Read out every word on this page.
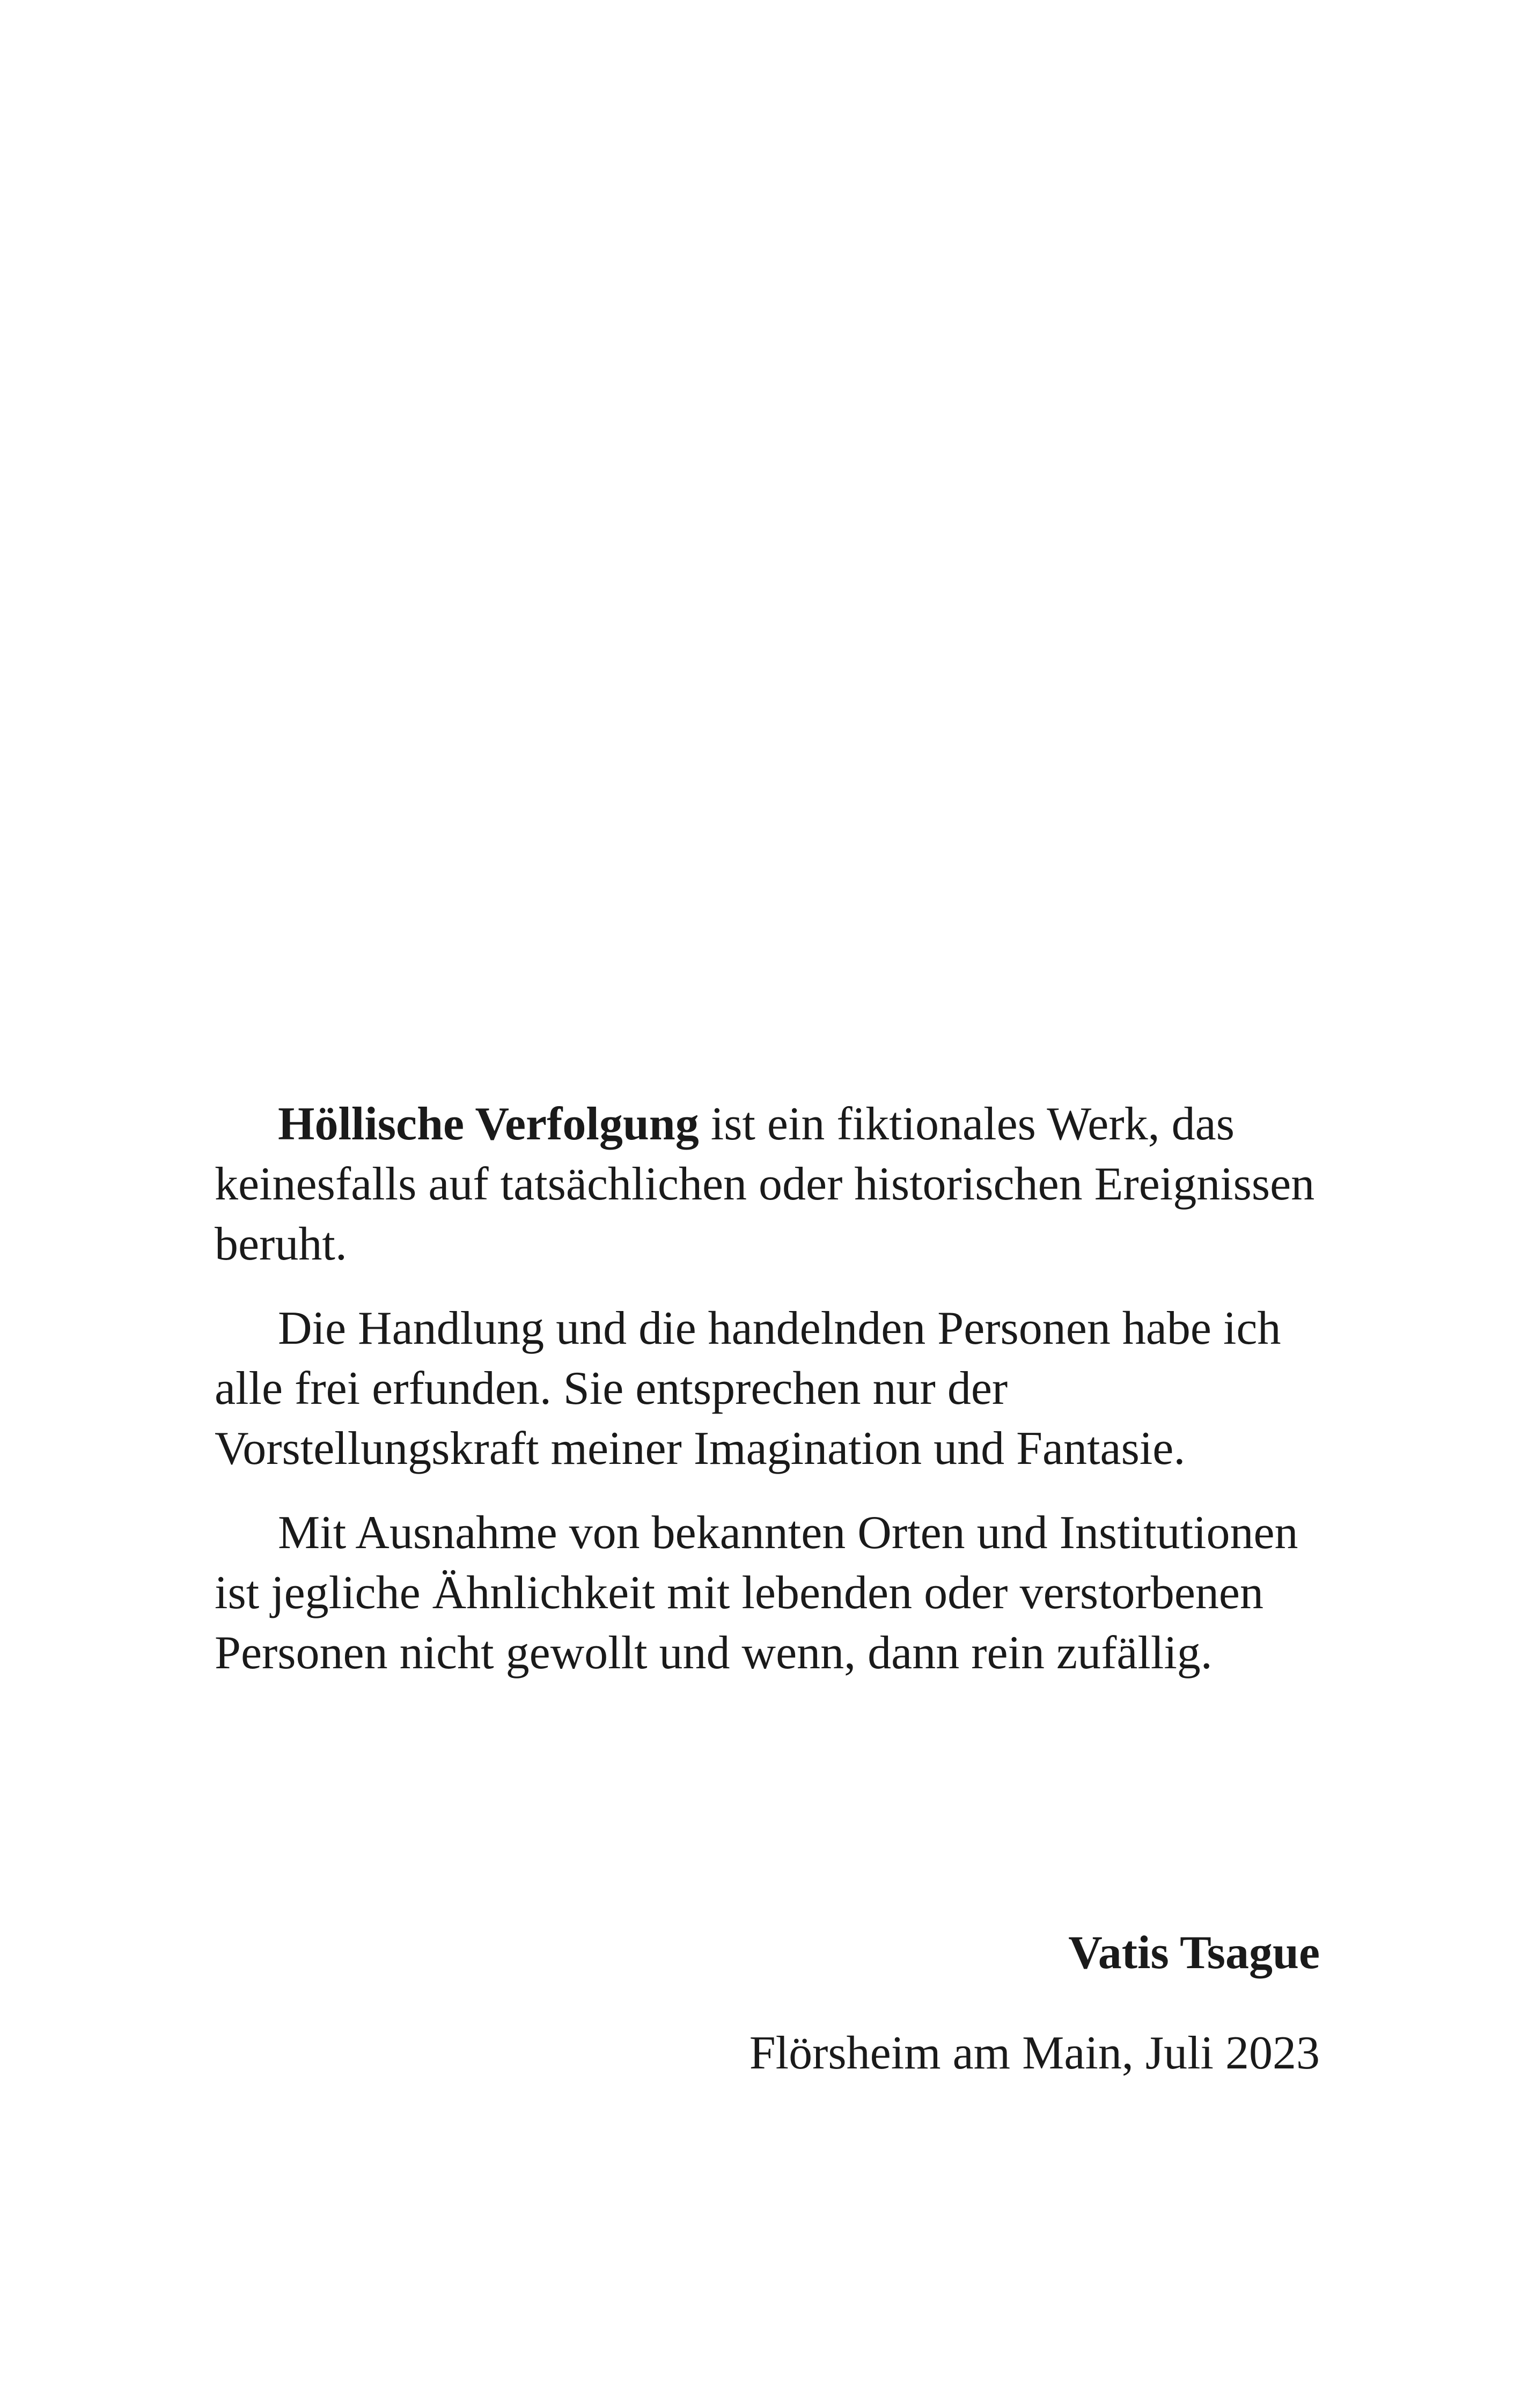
Höllische Verfolgung ist ein fiktionales Werk, das keinesfalls auf tatsächlichen oder historischen Ereignissen beruht.

Die Handlung und die handelnden Personen habe ich alle frei erfunden. Sie entsprechen nur der Vorstellungskraft meiner Imagination und Fantasie.

Mit Ausnahme von bekannten Orten und Institutionen ist jegliche Ähnlichkeit mit lebenden oder verstorbenen Personen nicht gewollt und wenn, dann rein zufällig.

Vatis Tsague

Flörsheim am Main, Juli 2023
